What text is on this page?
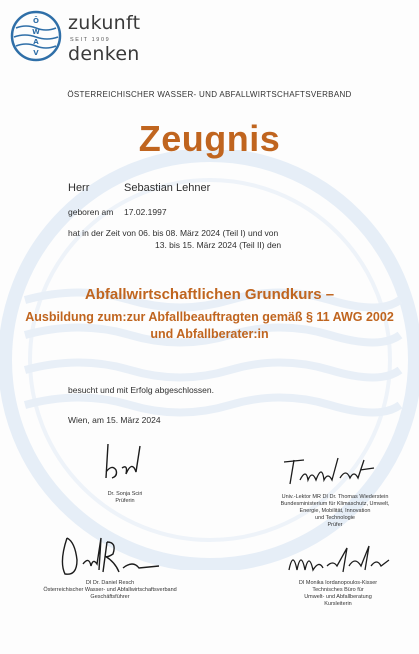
Ö
W
A
V
zukunft
SEIT 1909
denken
ÖSTERREICHISCHER WASSER- UND ABFALLWIRTSCHAFTSVERBAND
Zeugnis
Herr	Sebastian Lehner
geboren am 17.02.1997
hat in der Zeit von 06. bis 08. März 2024 (Teil I) und von
13. bis 15. März 2024 (Teil II) den
Abfallwirtschaftlichen Grundkurs –
Ausbildung zum:zur Abfallbeauftragten gemäß § 11 AWG 2002
und Abfallberater:in
besucht und mit Erfolg abgeschlossen.
Wien, am 15. März 2024
Dr. Sonja Sciri
Prüferin
Univ.-Lektor MR DI Dr. Thomas Wiederstein
Bundesministerium für Klimaschutz, Umwelt,
Energie, Mobilität, Innovation
und Technologie
Prüfer
DI Dr. Daniel Resch
Österreichischer Wasser- und Abfallwirtschaftsverband
Geschäftsführer
DI Monika Iordanopoulos-Kisser
Technisches Büro für
Umwelt- und Abfallberatung
Kursleiterin
